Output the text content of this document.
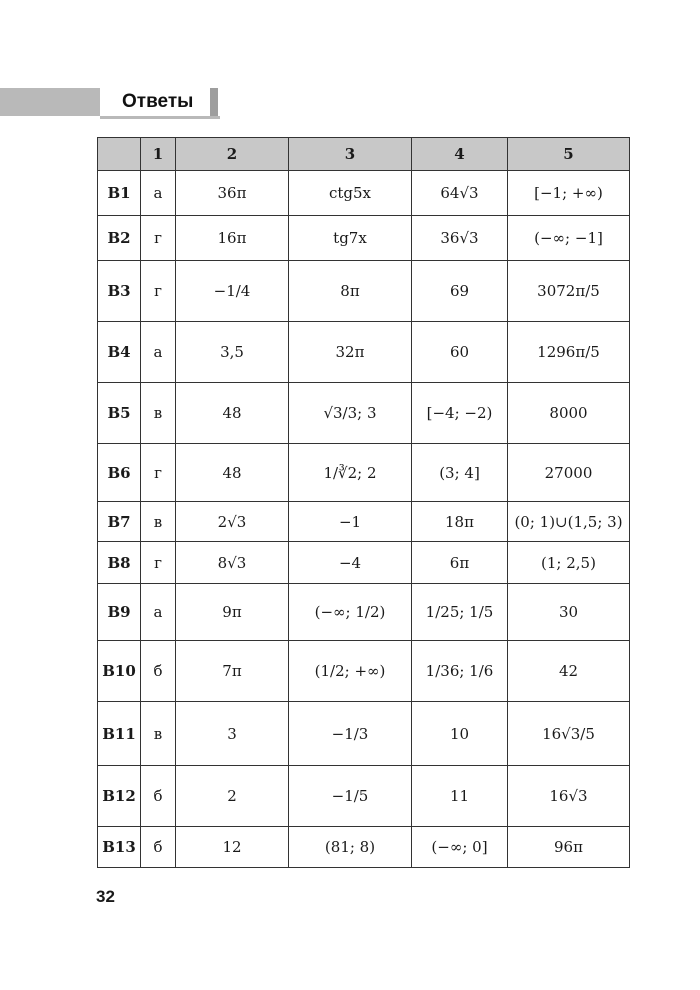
Ответы
	1	2	3	4	5
B1	а	36π	ctg5x	64√3	[−1; +∞)
B2	г	16π	tg7x	36√3	(−∞; −1]
B3	г	−1/4	8π	69	3072π/5
B4	а	3,5	32π	60	1296π/5
B5	в	48	√3/3; 3	[−4; −2)	8000
B6	г	48	1/∛2; 2	(3; 4]	27000
B7	в	2√3	−1	18π	(0; 1)∪(1,5; 3)
B8	г	8√3	−4	6π	(1; 2,5)
B9	а	9π	(−∞; 1/2)	1/25; 1/5	30
B10	б	7π	(1/2; +∞)	1/36; 1/6	42
B11	в	3	−1/3	10	16√3/5
B12	б	2	−1/5	11	16√3
B13	б	12	(81; 8)	(−∞; 0]	96π
32
